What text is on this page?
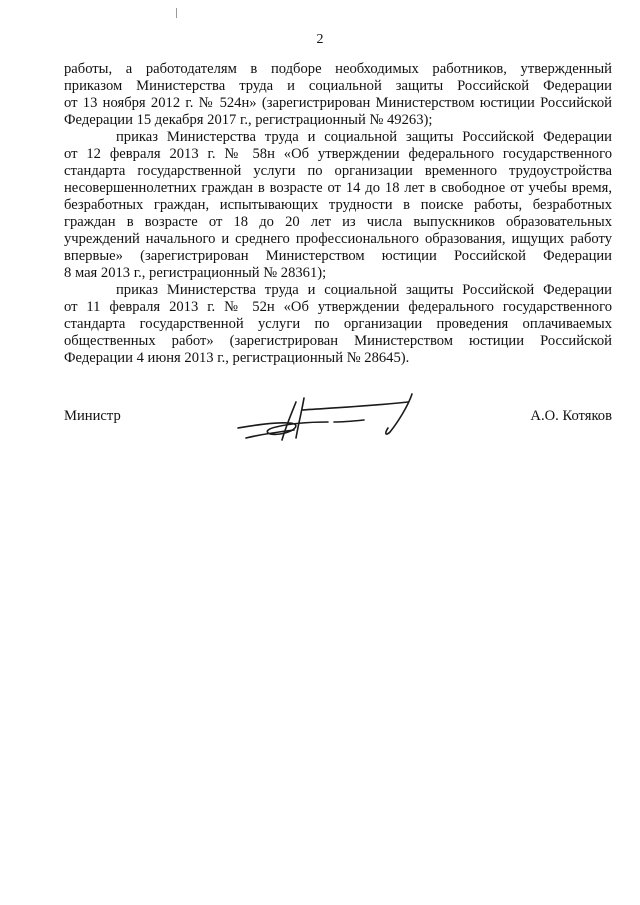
2

работы, а работодателям в подборе необходимых работников, утвержденный
приказом Министерства труда и социальной защиты Российской Федерации
от 13 ноября 2012 г. № 524н» (зарегистрирован Министерством юстиции Российской
Федерации 15 декабря 2017 г., регистрационный № 49263);

приказ Министерства труда и социальной защиты Российской Федерации
от 12 февраля 2013 г. № 58н «Об утверждении федерального государственного
стандарта государственной услуги по организации временного трудоустройства
несовершеннолетних граждан в возрасте от 14 до 18 лет в свободное от учебы время,
безработных граждан, испытывающих трудности в поиске работы, безработных
граждан в возрасте от 18 до 20 лет из числа выпускников образовательных
учреждений начального и среднего профессионального образования, ищущих работу
впервые» (зарегистрирован Министерством юстиции Российской Федерации
8 мая 2013 г., регистрационный № 28361);

приказ Министерства труда и социальной защиты Российской Федерации
от 11 февраля 2013 г. № 52н «Об утверждении федерального государственного
стандарта государственной услуги по организации проведения оплачиваемых
общественных работ» (зарегистрирован Министерством юстиции Российской
Федерации 4 июня 2013 г., регистрационный № 28645).

Министр	А.О. Котяков
